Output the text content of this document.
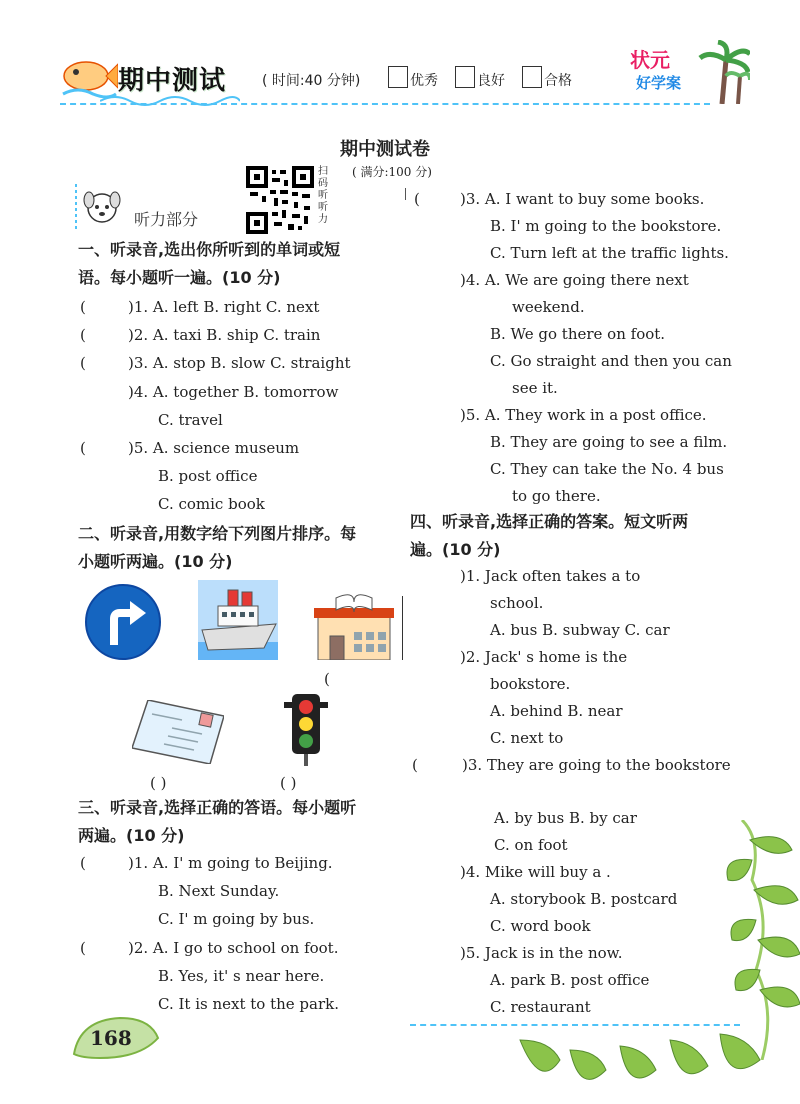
期中测试	( 时间:40 分钟)	优秀	良好	合格
状元
好学案
期中测试卷
( 满分:100 分)
听力部分
扫码听听力
一、听录音,选出你所听到的单词或短
语。每小题听一遍。(10 分)
(	)1. A. left B. right C. next
(	)2. A. taxi B. ship C. train
(	)3. A. stop B. slow C. straight
)4. A. together B. tomorrow
C. travel
(	)5. A. science museum
B. post office
C. comic book
二、听录音,用数字给下列图片排序。每
小题听两遍。(10 分)
(
( )	( )
三、听录音,选择正确的答语。每小题听
两遍。(10 分)
(	)1. A. I' m going to Beijing.
B. Next Sunday.
C. I' m going by bus.
(	)2. A. I go to school on foot.
B. Yes, it' s near here.
C. It is next to the park.
(	)3. A. I want to buy some books.
B. I' m going to the bookstore.
C. Turn left at the traffic lights.
)4. A. We are going there next
weekend.
B. We go there on foot.
C. Go straight and then you can
see it.
)5. A. They work in a post office.
B. They are going to see a film.
C. They can take the No. 4 bus
to go there.
四、听录音,选择正确的答案。短文听两
遍。(10 分)
)1. Jack often takes a to
school.
A. bus B. subway C. car
)2. Jack' s home is the
bookstore.
A. behind B. near
C. next to
(	)3. They are going to the bookstore
A. by bus B. by car
C. on foot
)4. Mike will buy a .
A. storybook B. postcard
C. word book
)5. Jack is in the now.
A. park B. post office
C. restaurant
168
